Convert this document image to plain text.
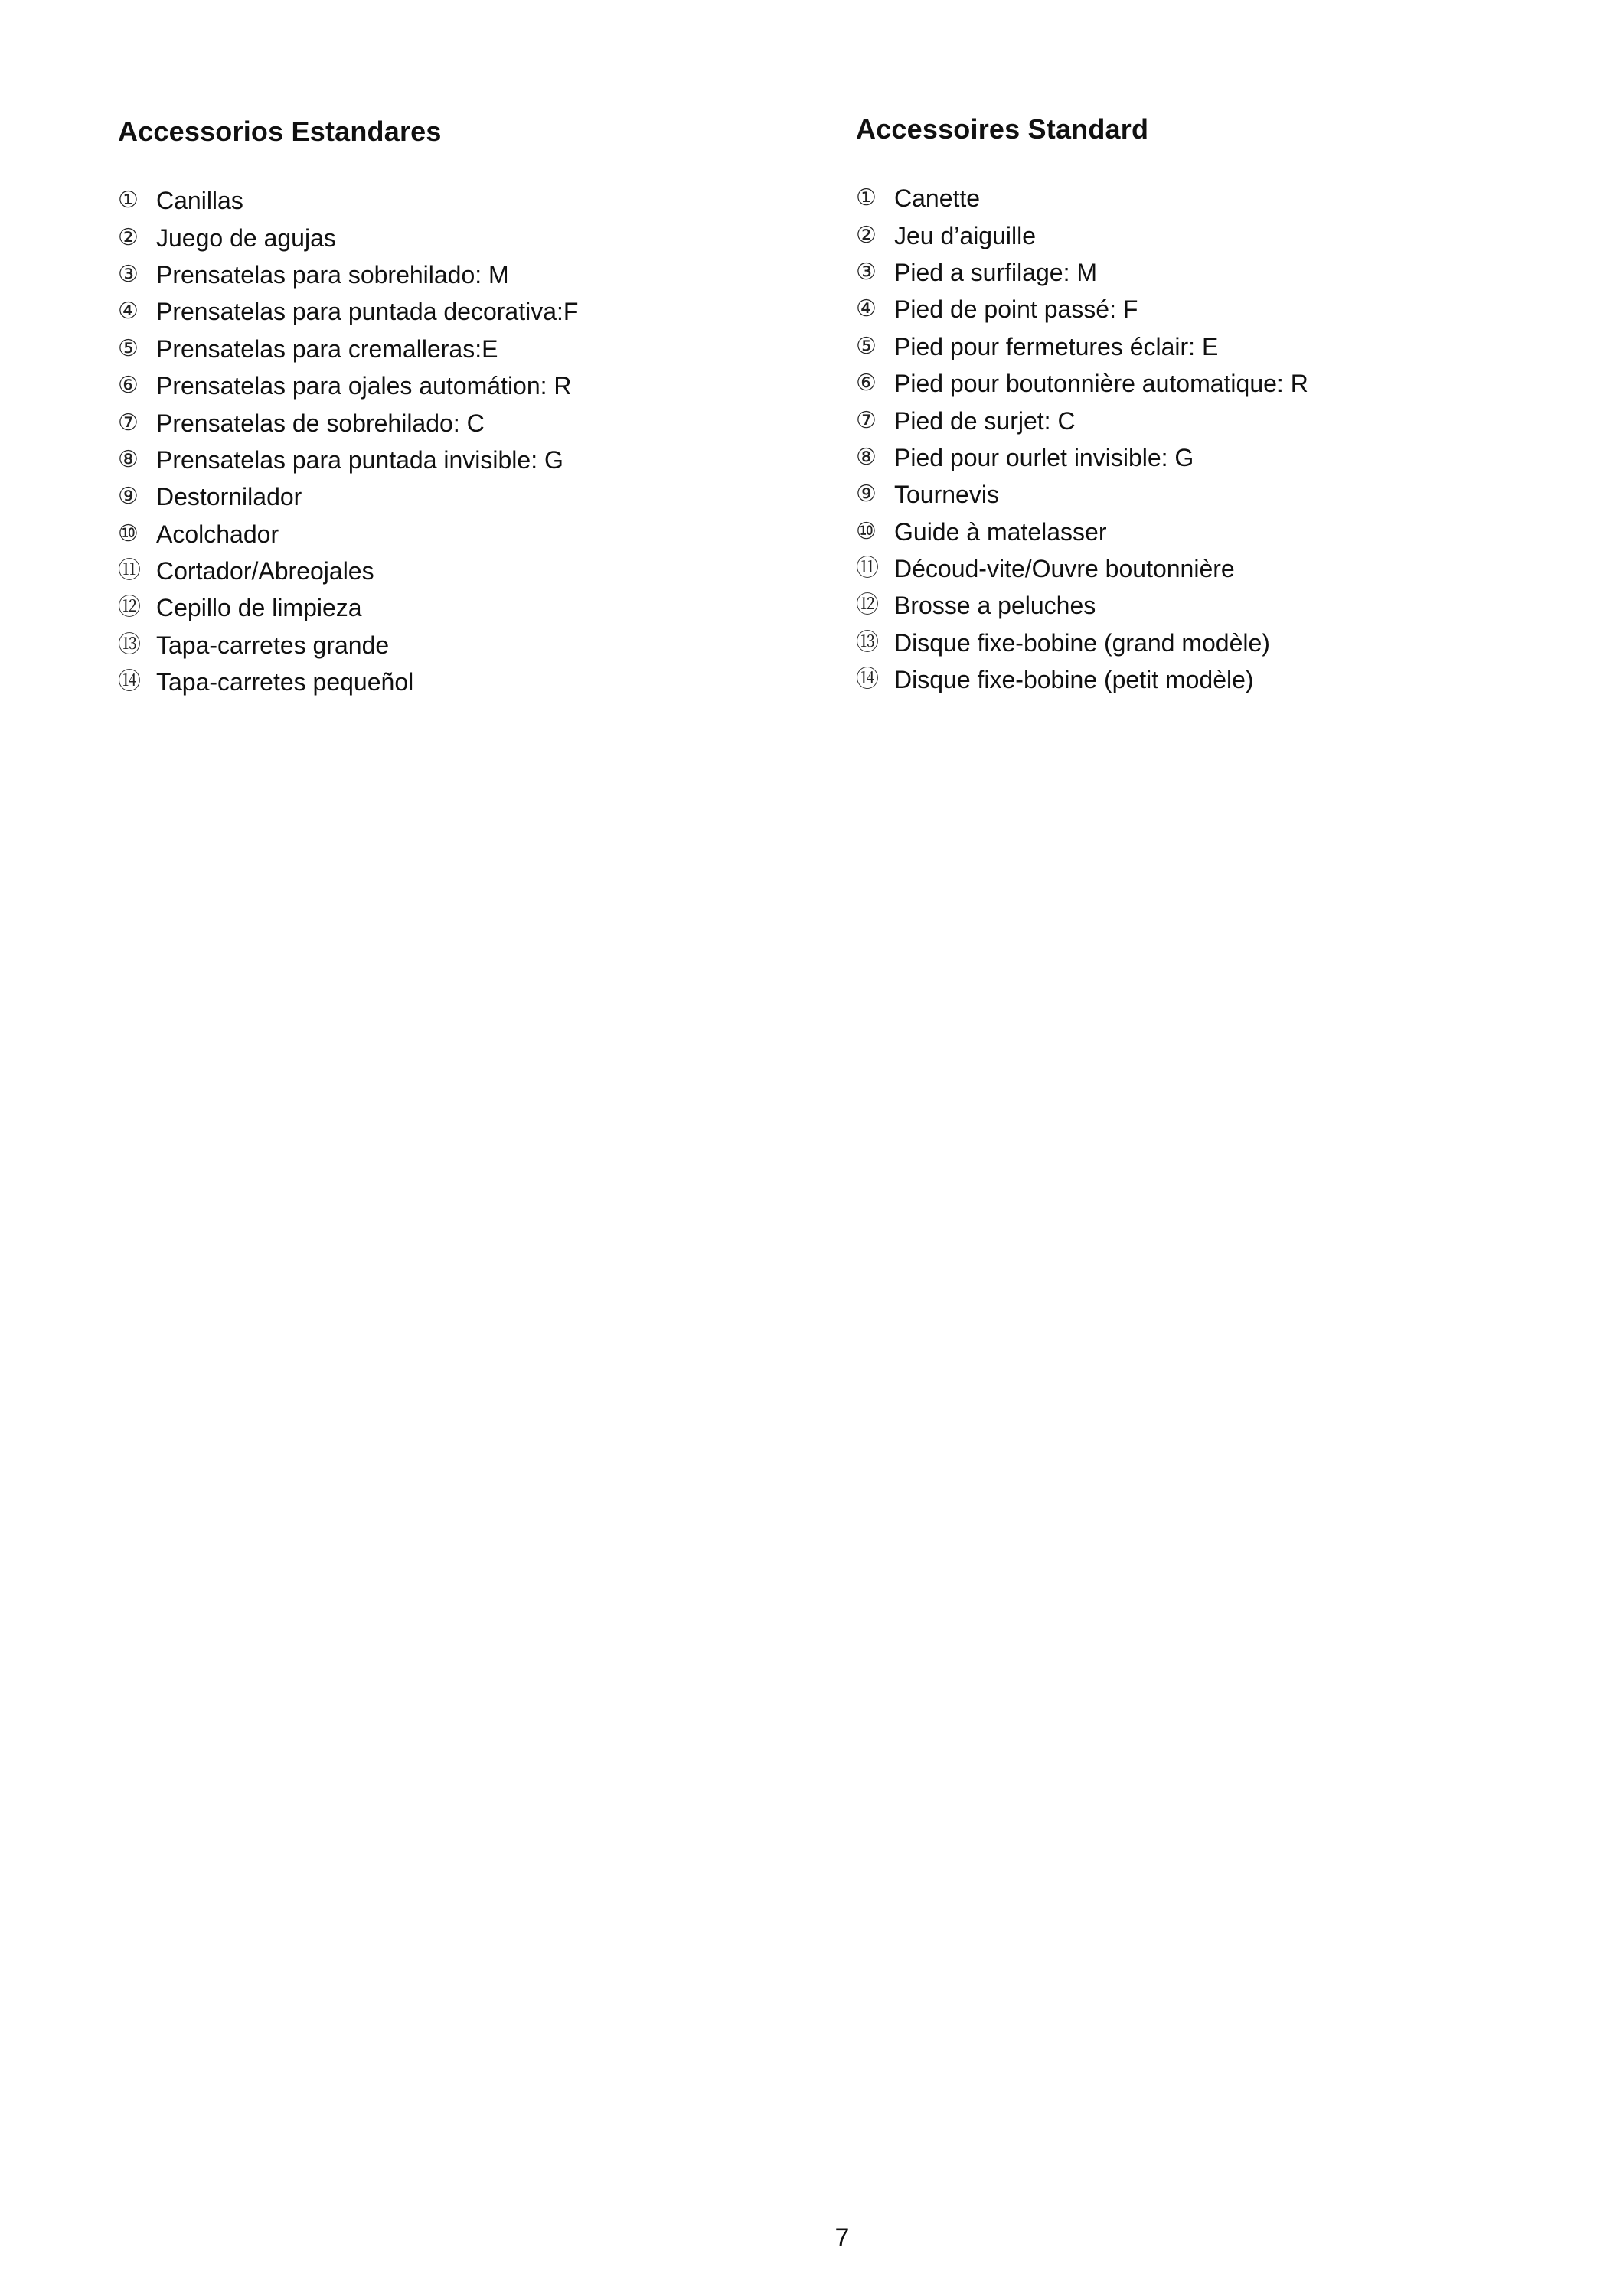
Accessorios Estandares
① Canillas
② Juego de agujas
③ Prensatelas para sobrehilado: M
④ Prensatelas para puntada decorativa:F
⑤ Prensatelas para cremalleras:E
⑥ Prensatelas para ojales automátion: R
⑦ Prensatelas de sobrehilado: C
⑧ Prensatelas para puntada invisible: G
⑨ Destornilador
⑩ Acolchador
⑪ Cortador/Abreojales
⑫ Cepillo de limpieza
⑬ Tapa-carretes grande
⑭ Tapa-carretes pequeñol
Accessoires Standard
① Canette
② Jeu d’aiguille
③ Pied a surfilage: M
④ Pied de point passé: F
⑤ Pied pour fermetures éclair: E
⑥ Pied pour boutonnière automatique: R
⑦ Pied de surjet: C
⑧ Pied pour ourlet invisible: G
⑨ Tournevis
⑩ Guide à matelasser
⑪ Découd-vite/Ouvre boutonnière
⑫ Brosse a peluches
⑬ Disque fixe-bobine (grand modèle)
⑭ Disque fixe-bobine (petit modèle)
7
